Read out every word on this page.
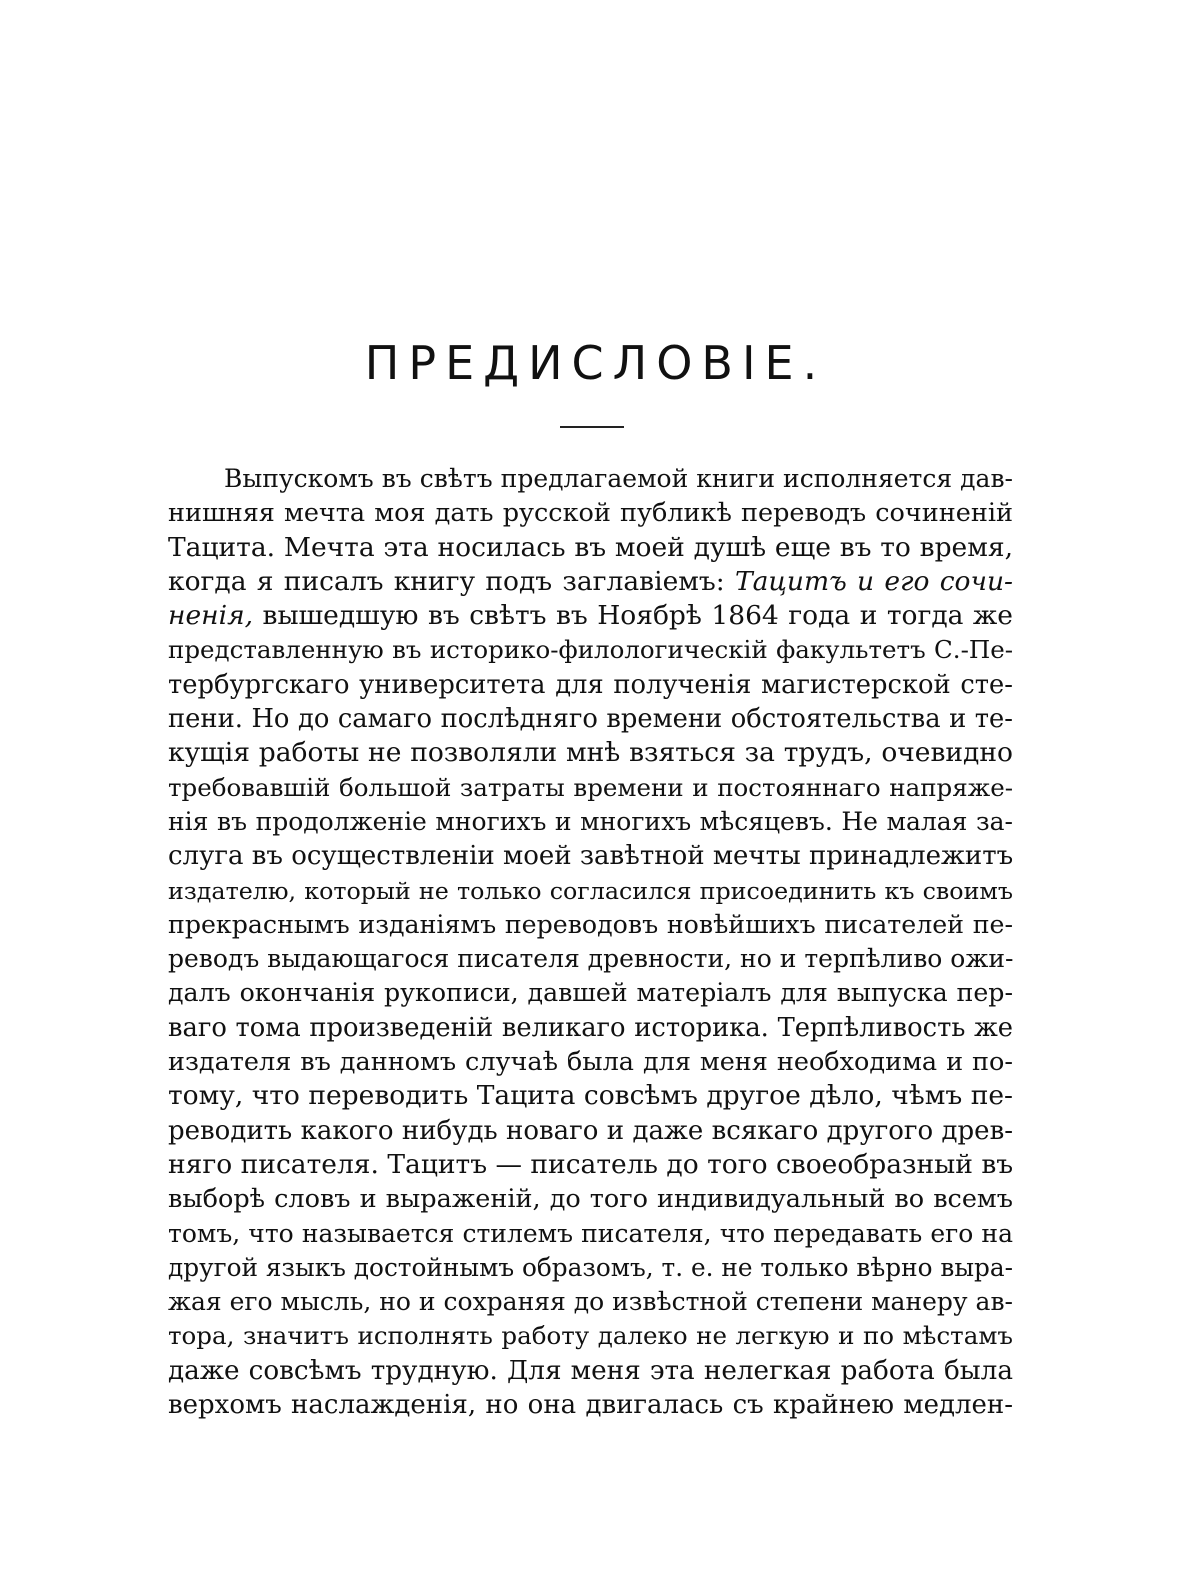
ПРЕДИСЛОВІЕ.
Выпускомъ въ свѣтъ предлагаемой книги исполняется дав-
нишняя мечта моя дать русской публикѣ переводъ сочиненій
Тацита. Мечта эта носилась въ моей душѣ еще въ то время,
когда я писалъ книгу подъ заглавіемъ: Тацитъ и его сочи-
ненія, вышедшую въ свѣтъ въ Ноябрѣ 1864 года и тогда же
представленную въ историко-филологическій факультетъ С.-Пе-
тербургскаго университета для полученія магистерской сте-
пени. Но до самаго послѣдняго времени обстоятельства и те-
кущія работы не позволяли мнѣ взяться за трудъ, очевидно
требовавшій большой затраты времени и постояннаго напряже-
нія въ продолженіе многихъ и многихъ мѣсяцевъ. Не малая за-
слуга въ осуществленіи моей завѣтной мечты принадлежитъ
издателю, который не только согласился присоединить къ своимъ
прекраснымъ изданіямъ переводовъ новѣйшихъ писателей пе-
реводъ выдающагося писателя древности, но и терпѣливо ожи-
далъ окончанія рукописи, давшей матеріалъ для выпуска пер-
ваго тома произведеній великаго историка. Терпѣливость же
издателя въ данномъ случаѣ была для меня необходима и по-
тому, что переводить Тацита совсѣмъ другое дѣло, чѣмъ пе-
реводить какого нибудь новаго и даже всякаго другого древ-
няго писателя. Тацитъ — писатель до того своеобразный въ
выборѣ словъ и выраженій, до того индивидуальный во всемъ
томъ, что называется стилемъ писателя, что передавать его на
другой языкъ достойнымъ образомъ, т. е. не только вѣрно выра-
жая его мысль, но и сохраняя до извѣстной степени манеру ав-
тора, значитъ исполнять работу далеко не легкую и по мѣстамъ
даже совсѣмъ трудную. Для меня эта нелегкая работа была
верхомъ наслажденія, но она двигалась съ крайнею медлен-
